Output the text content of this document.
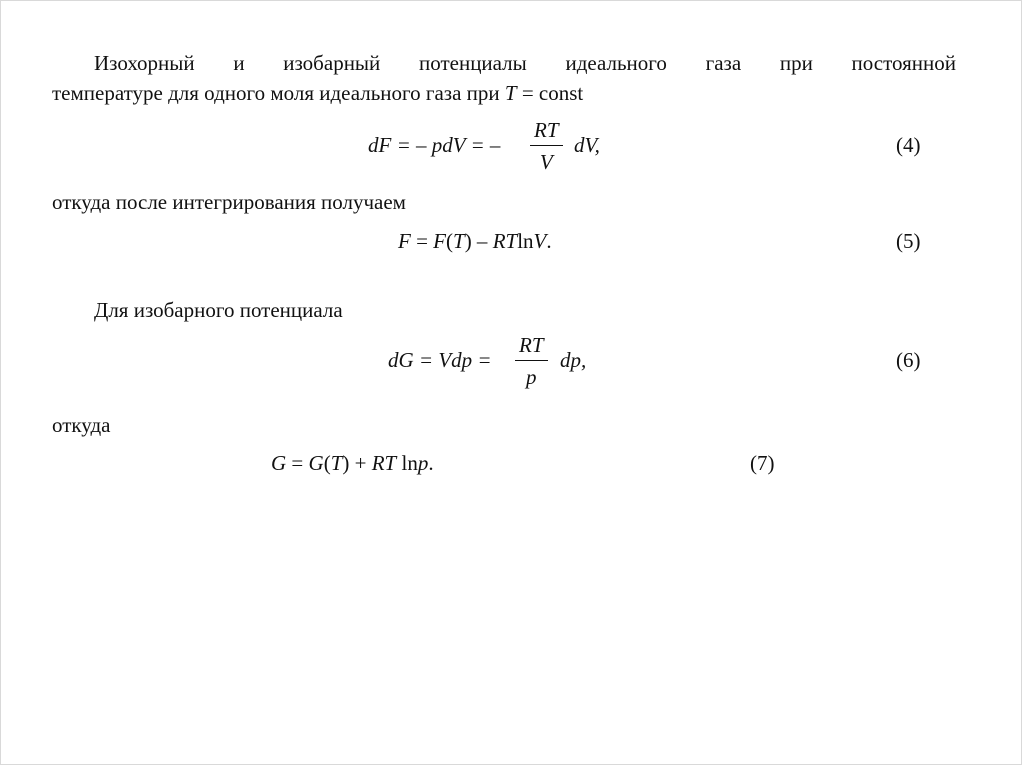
Изохорный и изобарный потенциалы идеального газа при постоянной
температуре для одного моля идеального газа при T = const
dF = – pdV = –
RT
V
dV,	(4)
откуда после интегрирования получаем
F = F(T) – RTlnV.	(5)
Для изобарного потенциала
dG = Vdp =
RT
p
dp,	(6)
откуда
G = G(T) + RT lnp.	(7)
